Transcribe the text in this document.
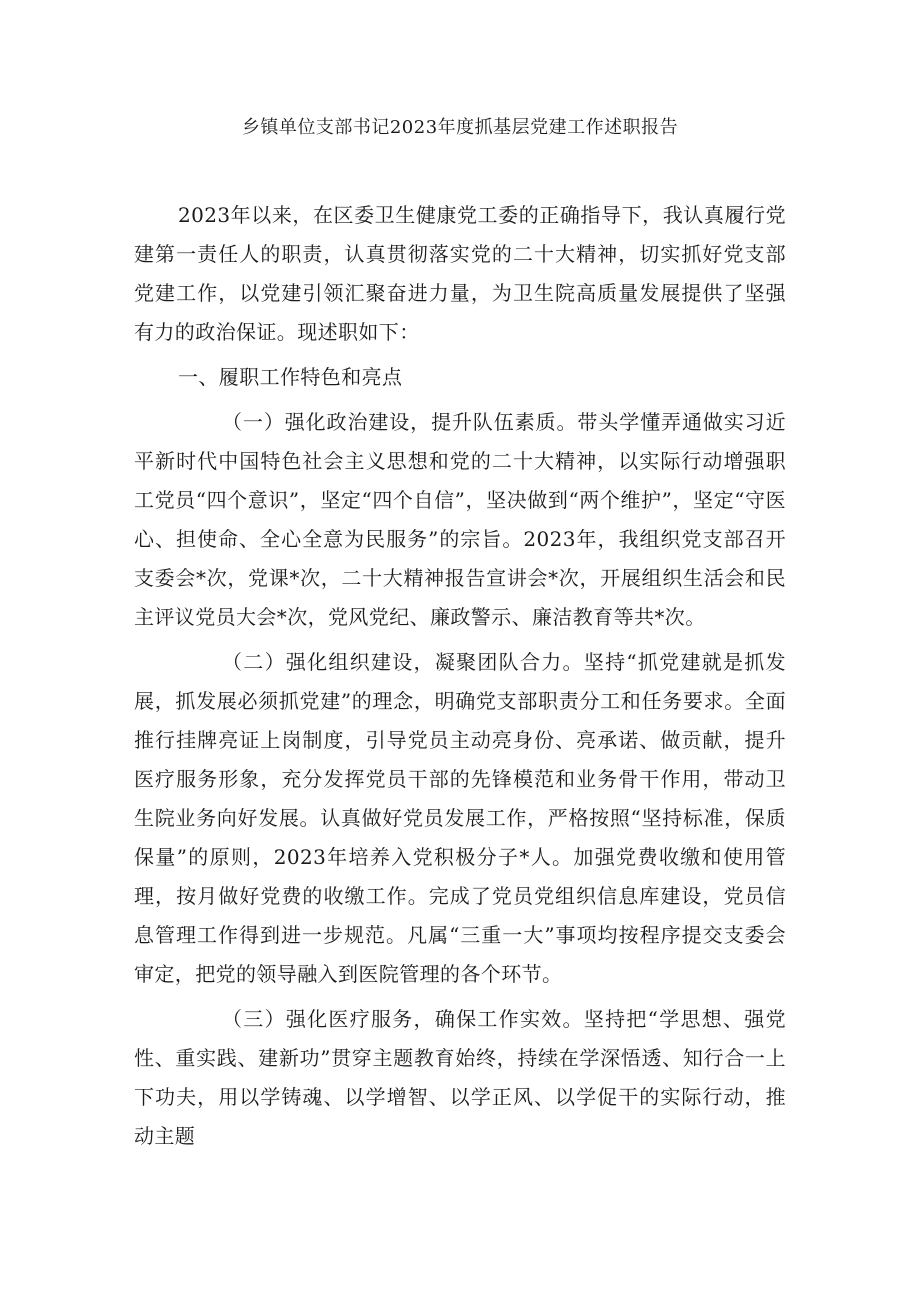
乡镇单位支部书记2023年度抓基层党建工作述职报告

2023年以来，在区委卫生健康党工委的正确指导下，我认真履行党建第一责任人的职责，认真贯彻落实党的二十大精神，切实抓好党支部党建工作，以党建引领汇聚奋进力量，为卫生院高质量发展提供了坚强有力的政治保证。现述职如下：

一、履职工作特色和亮点

（一）强化政治建设，提升队伍素质。带头学懂弄通做实习近平新时代中国特色社会主义思想和党的二十大精神，以实际行动增强职工党员“四个意识”，坚定“四个自信”，坚决做到“两个维护”，坚定“守医心、担使命、全心全意为民服务”的宗旨。2023年，我组织党支部召开支委会*次，党课*次，二十大精神报告宣讲会*次，开展组织生活会和民主评议党员大会*次，党风党纪、廉政警示、廉洁教育等共*次。

（二）强化组织建设，凝聚团队合力。坚持“抓党建就是抓发展，抓发展必须抓党建”的理念，明确党支部职责分工和任务要求。全面推行挂牌亮证上岗制度，引导党员主动亮身份、亮承诺、做贡献，提升医疗服务形象，充分发挥党员干部的先锋模范和业务骨干作用，带动卫生院业务向好发展。认真做好党员发展工作，严格按照“坚持标准，保质保量”的原则，2023年培养入党积极分子*人。加强党费收缴和使用管理，按月做好党费的收缴工作。完成了党员党组织信息库建设，党员信息管理工作得到进一步规范。凡属“三重一大”事项均按程序提交支委会审定，把党的领导融入到医院管理的各个环节。

（三）强化医疗服务，确保工作实效。坚持把“学思想、强党性、重实践、建新功”贯穿主题教育始终，持续在学深悟透、知行合一上下功夫，用以学铸魂、以学增智、以学正风、以学促干的实际行动，推动主题
